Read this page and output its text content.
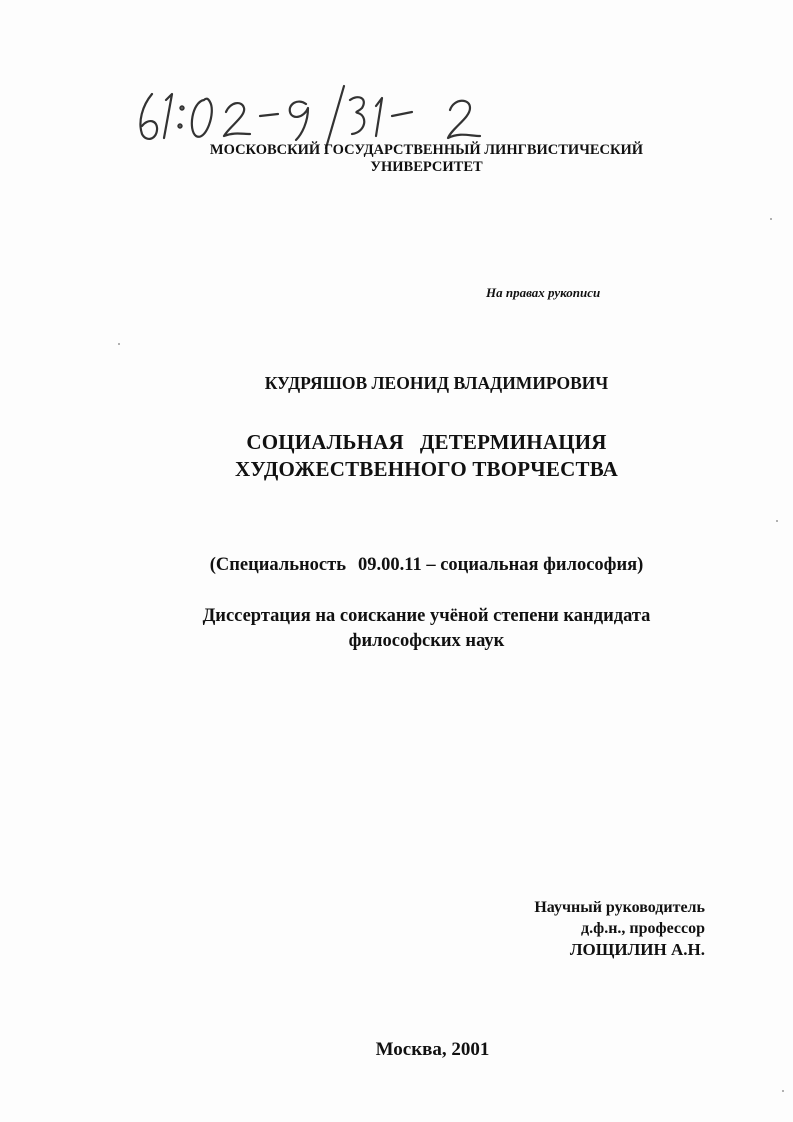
МОСКОВСКИЙ ГОСУДАРСТВЕННЫЙ ЛИНГВИСТИЧЕСКИЙ
УНИВЕРСИТЕТ
На правах рукописи
КУДРЯШОВ ЛЕОНИД ВЛАДИМИРОВИЧ
СОЦИАЛЬНАЯ ДЕТЕРМИНАЦИЯ
ХУДОЖЕСТВЕННОГО ТВОРЧЕСТВА
(Специальность 09.00.11 – социальная философия)
Диссертация на соискание учёной степени кандидата
философских наук
Научный руководитель
д.ф.н., профессор
ЛОЩИЛИН А.Н.
Москва, 2001
